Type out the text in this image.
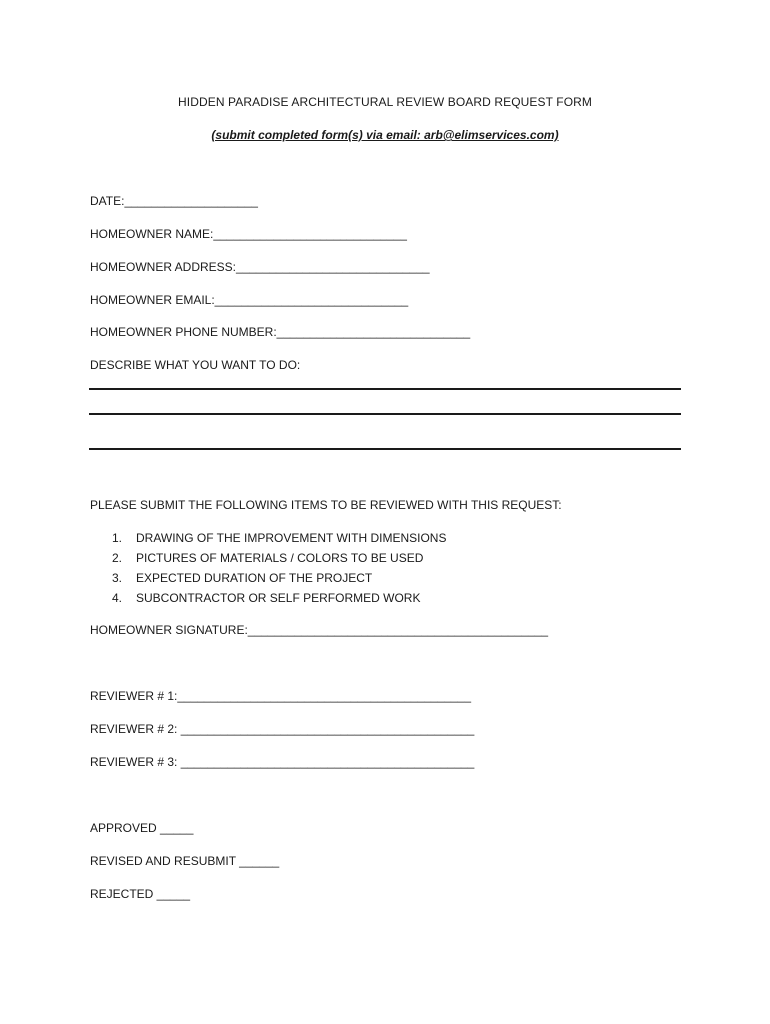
HIDDEN PARADISE ARCHITECTURAL REVIEW BOARD REQUEST FORM
(submit completed form(s) via email: arb@elimservices.com)
DATE:____________________
HOMEOWNER NAME:_____________________________
HOMEOWNER ADDRESS:_____________________________
HOMEOWNER EMAIL:_____________________________
HOMEOWNER PHONE NUMBER:_____________________________
DESCRIBE WHAT YOU WANT TO DO:
PLEASE SUBMIT THE FOLLOWING ITEMS TO BE REVIEWED WITH THIS REQUEST:
1. DRAWING OF THE IMPROVEMENT WITH DIMENSIONS
2. PICTURES OF MATERIALS / COLORS TO BE USED
3. EXPECTED DURATION OF THE PROJECT
4. SUBCONTRACTOR OR SELF PERFORMED WORK
HOMEOWNER SIGNATURE:_____________________________________________
REVIEWER # 1:____________________________________________
REVIEWER # 2: ____________________________________________
REVIEWER # 3: ____________________________________________
APPROVED _____
REVISED AND RESUBMIT ______
REJECTED _____
